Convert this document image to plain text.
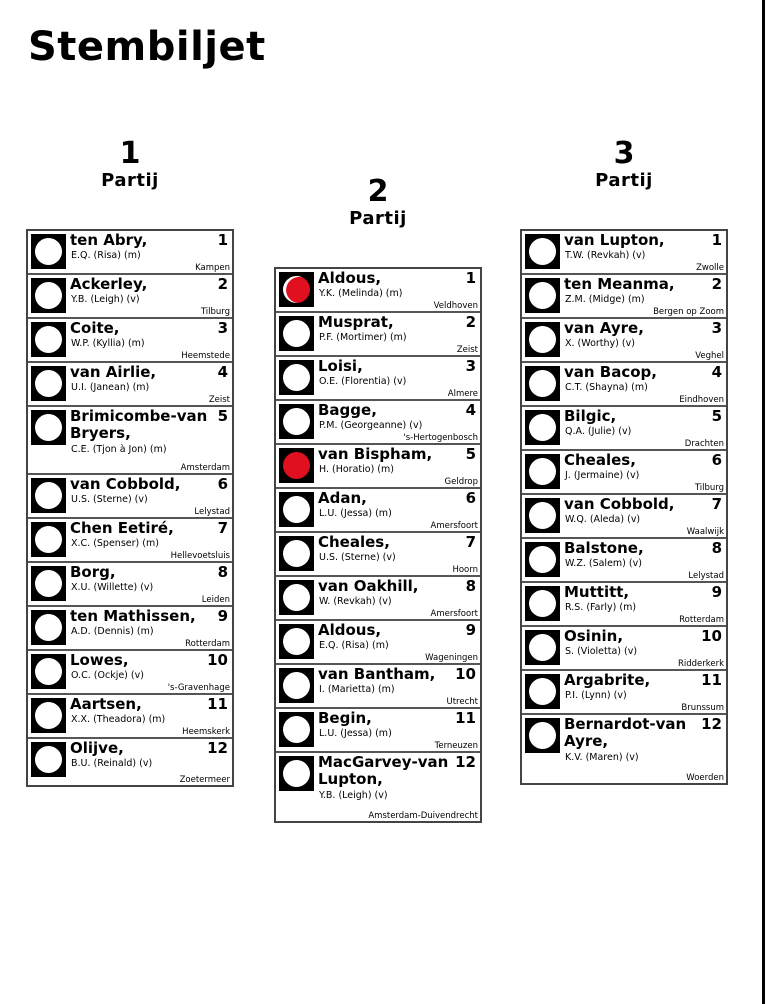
Stembiljet
1
Partij	2
Partij
3
Partij
ten Abry,	1
E.Q. (Risa) (m)
Kampen
Ackerley,	2
Y.B. (Leigh) (v)
Tilburg
Coite,	3
W.P. (Kyllia) (m)
Heemstede
van Airlie,	4
U.I. (Janean) (m)
Zeist
Brimicombe-van Bryers,
5
C.E. (Tjon à Jon) (m)
Amsterdam
van Cobbold,	6
U.S. (Sterne) (v)
Lelystad
Chen Eetiré,	7
X.C. (Spenser) (m)
Hellevoetsluis
Borg,	8
X.U. (Willette) (v)
Leiden
ten Mathissen,	9
A.D. (Dennis) (m)
Rotterdam
Lowes,	10
O.C. (Ockje) (v)
's-Gravenhage
Aartsen,	11
X.X. (Theadora) (m)
Heemskerk
Olijve,	12
B.U. (Reinald) (v)
Zoetermeer
Aldous,	1
Y.K. (Melinda) (m)
Veldhoven
Musprat,	2
P.F. (Mortimer) (m)
Zeist
Loisi,	3
O.E. (Florentia) (v)
Almere
Bagge,	4
P.M. (Georgeanne) (v)
's-Hertogenbosch
van Bispham,	5
H. (Horatio) (m)
Geldrop
Adan,	6
L.U. (Jessa) (m)
Amersfoort
Cheales,	7
U.S. (Sterne) (v)
Hoorn
van Oakhill,	8
W. (Revkah) (v)
Amersfoort
Aldous,	9
E.Q. (Risa) (m)
Wageningen
van Bantham,	10
I. (Marietta) (m)
Utrecht
Begin,	11
L.U. (Jessa) (m)
Terneuzen
MacGarvey-van Lupton,
12
Y.B. (Leigh) (v)
Amsterdam-Duivendrecht
van Lupton,	1
T.W. (Revkah) (v)
Zwolle
ten Meanma,	2
Z.M. (Midge) (m)
Bergen op Zoom
van Ayre,	3
X. (Worthy) (v)
Veghel
van Bacop,	4
C.T. (Shayna) (m)
Eindhoven
Bilgic,	5
Q.A. (Julie) (v)
Drachten
Cheales,	6
J. (Jermaine) (v)
Tilburg
van Cobbold,	7
W.Q. (Aleda) (v)
Waalwijk
Balstone,	8
W.Z. (Salem) (v)
Lelystad
Muttitt,	9
R.S. (Farly) (m)
Rotterdam
Osinin,	10
S. (Violetta) (v)
Ridderkerk
Argabrite,	11
P.I. (Lynn) (v)
Brunssum
Bernardot-van Ayre,
12
K.V. (Maren) (v)
Woerden
